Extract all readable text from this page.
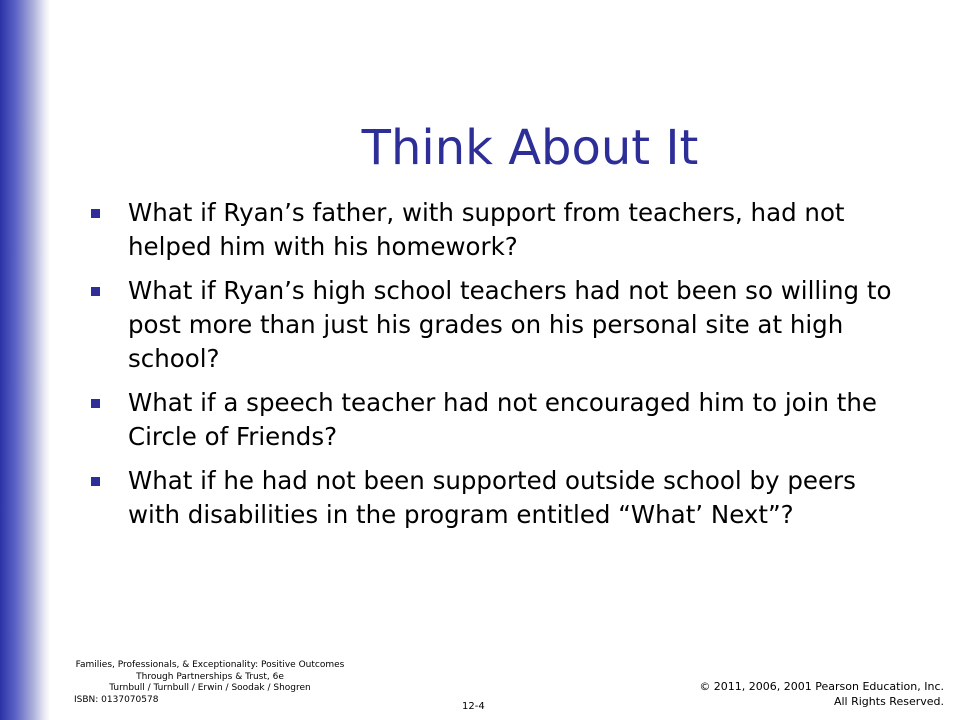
Think About It
What if Ryan’s father, with support from teachers, had not helped him with his homework?
What if Ryan’s high school teachers had not been so willing to post more than just his grades on his personal site at high school?
What if a speech teacher had not encouraged him to join the Circle of Friends?
What if he had not been supported outside school by peers with disabilities in the program entitled “What’ Next”?
Families, Professionals, & Exceptionality: Positive Outcomes
Through Partnerships & Trust, 6e
Turnbull / Turnbull / Erwin / Soodak / Shogren
ISBN: 0137070578
12-4
© 2011, 2006, 2001 Pearson Education, Inc.
All Rights Reserved.
